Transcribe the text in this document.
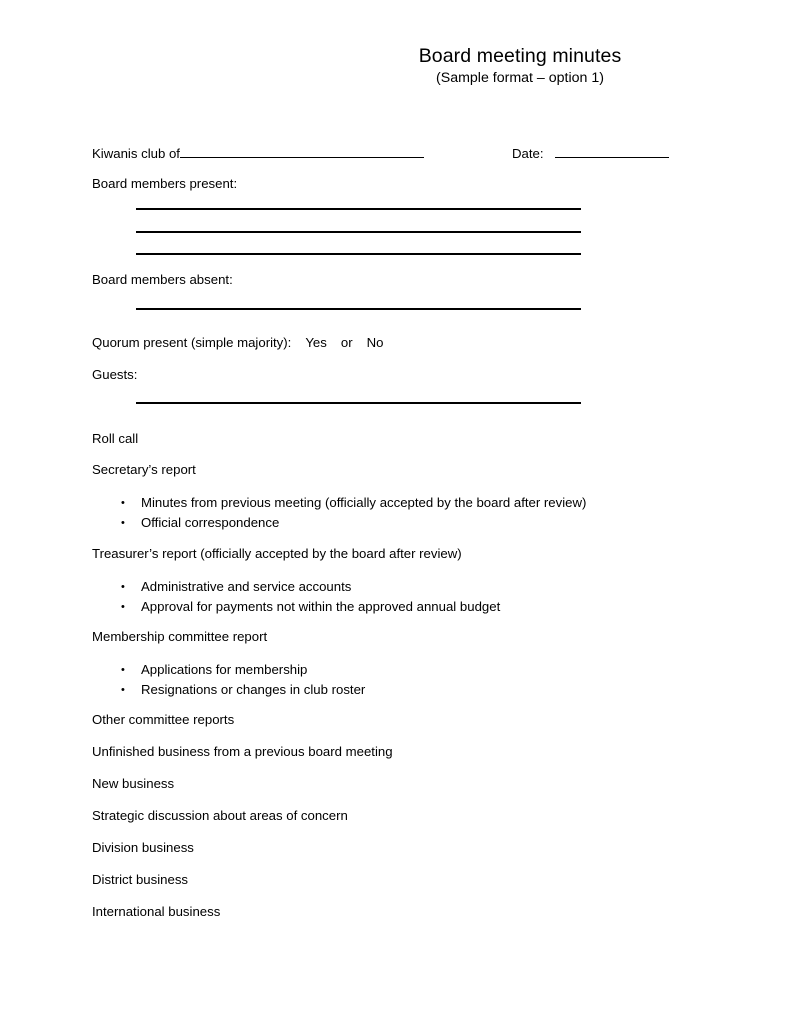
Board meeting minutes
(Sample format – option 1)
Kiwanis club of	Date:
Board members present:
Board members absent:
Quorum present (simple majority): Yes or No
Guests:
Roll call
Secretary’s report
• Minutes from previous meeting (officially accepted by the board after review)
• Official correspondence
Treasurer’s report (officially accepted by the board after review)
• Administrative and service accounts
• Approval for payments not within the approved annual budget
Membership committee report
• Applications for membership
• Resignations or changes in club roster
Other committee reports
Unfinished business from a previous board meeting
New business
Strategic discussion about areas of concern
Division business
District business
International business
